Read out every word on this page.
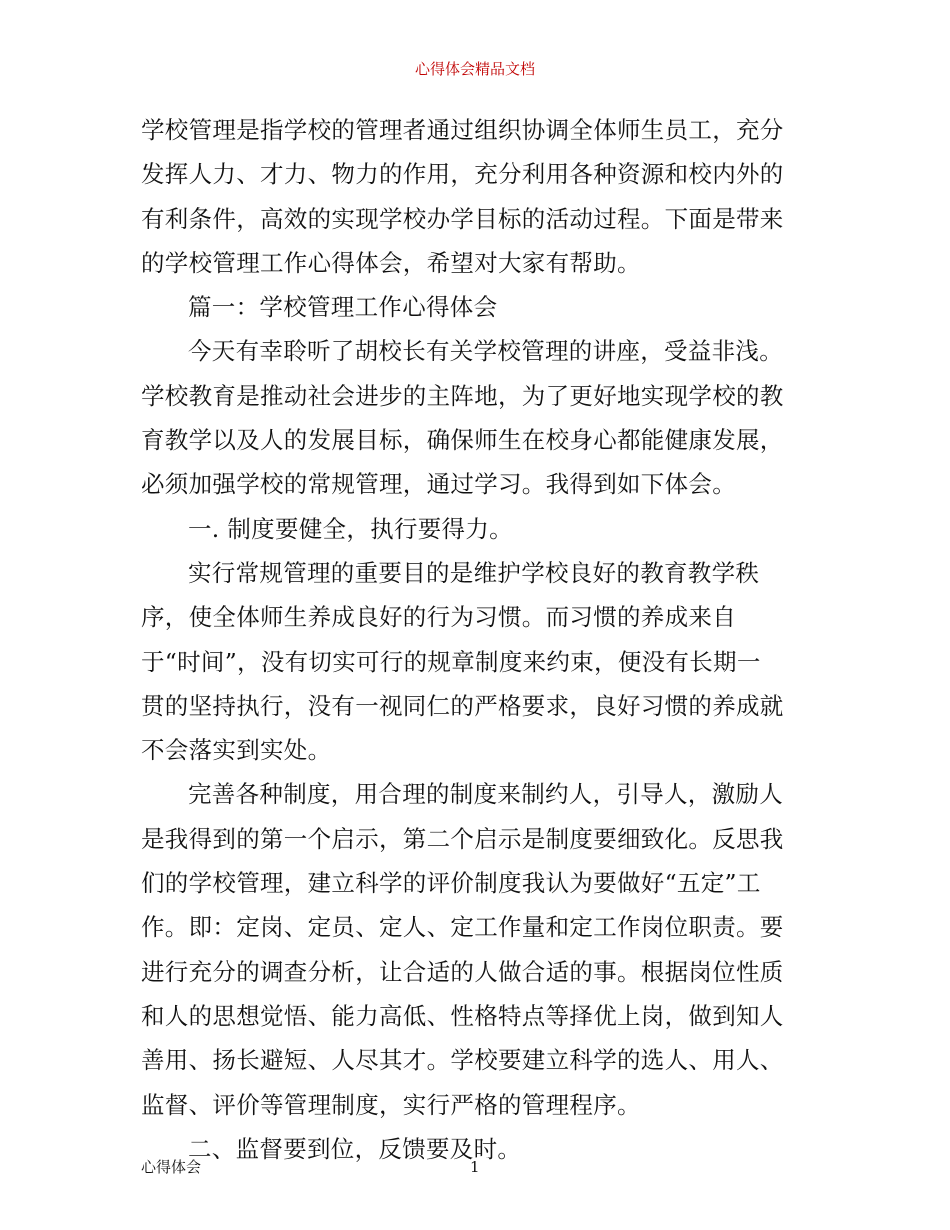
心得体会精品文档
学校管理是指学校的管理者通过组织协调全体师生员工，充分
发挥人力、才力、物力的作用，充分利用各种资源和校内外的
有利条件，高效的实现学校办学目标的活动过程。下面是带来
的学校管理工作心得体会，希望对大家有帮助。
篇一：学校管理工作心得体会
今天有幸聆听了胡校长有关学校管理的讲座，受益非浅。
学校教育是推动社会进步的主阵地，为了更好地实现学校的教
育教学以及人的发展目标，确保师生在校身心都能健康发展，
必须加强学校的常规管理，通过学习。我得到如下体会。
一. 制度要健全，执行要得力。
实行常规管理的重要目的是维护学校良好的教育教学秩
序，使全体师生养成良好的行为习惯。而习惯的养成来自
于“时间”，没有切实可行的规章制度来约束，便没有长期一
贯的坚持执行，没有一视同仁的严格要求，良好习惯的养成就
不会落实到实处。
完善各种制度，用合理的制度来制约人，引导人，激励人
是我得到的第一个启示，第二个启示是制度要细致化。反思我
们的学校管理，建立科学的评价制度我认为要做好“五定”工
作。即：定岗、定员、定人、定工作量和定工作岗位职责。要
进行充分的调查分析，让合适的人做合适的事。根据岗位性质
和人的思想觉悟、能力高低、性格特点等择优上岗，做到知人
善用、扬长避短、人尽其才。学校要建立科学的选人、用人、
监督、评价等管理制度，实行严格的管理程序。
二、监督要到位，反馈要及时。
心得体会	1
